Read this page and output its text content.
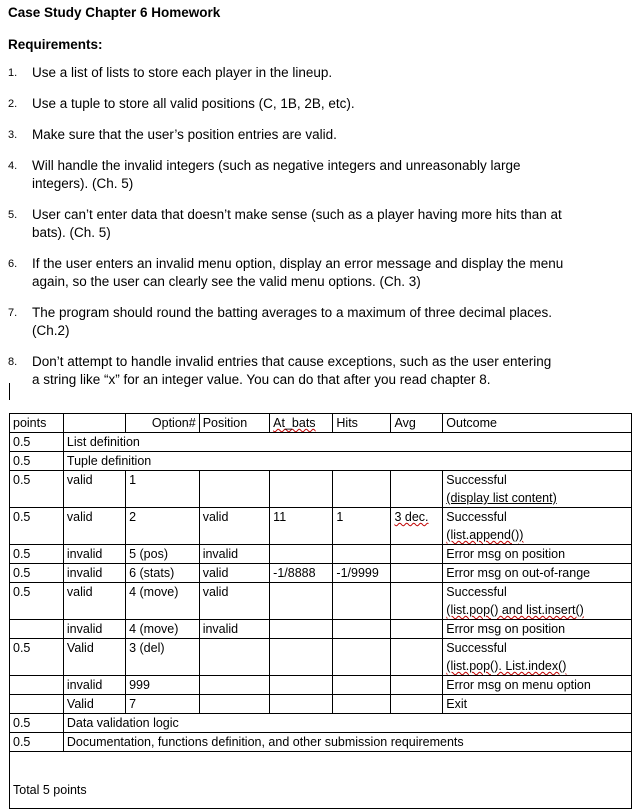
Case Study Chapter 6 Homework
Requirements:
1. Use a list of lists to store each player in the lineup.
2. Use a tuple to store all valid positions (C, 1B, 2B, etc).
3. Make sure that the user’s position entries are valid.
4. Will handle the invalid integers (such as negative integers and unreasonably large
integers). (Ch. 5)
5. User can’t enter data that doesn’t make sense (such as a player having more hits than at
bats). (Ch. 5)
6. If the user enters an invalid menu option, display an error message and display the menu
again, so the user can clearly see the valid menu options. (Ch. 3)
7. The program should round the batting averages to a maximum of three decimal places.
(Ch.2)
8. Don’t attempt to handle invalid entries that cause exceptions, such as the user entering
a string like “x” for an integer value. You can do that after you read chapter 8.
points		Option#	Position	At_bats	Hits	Avg	Outcome
0.5	List definition						
0.5	Tuple definition						
0.5	valid	1					Successful
(display list content)
0.5	valid	2	valid	11	1	3 dec.	Successful
(list.append())
0.5	invalid	5 (pos)	invalid				Error msg on position
0.5	invalid	6 (stats)	valid	-1/8888	-1/9999		Error msg on out-of-range
0.5	valid	4 (move)	valid				Successful
(list.pop() and list.insert()
	invalid	4 (move)	invalid				Error msg on position
0.5	Valid	3 (del)					Successful
(list.pop(). List.index()
	invalid	999					Error msg on menu option
	Valid	7					Exit
0.5	Data validation logic						
0.5	Documentation, functions definition, and other submission requirements						

Total 5 points							
